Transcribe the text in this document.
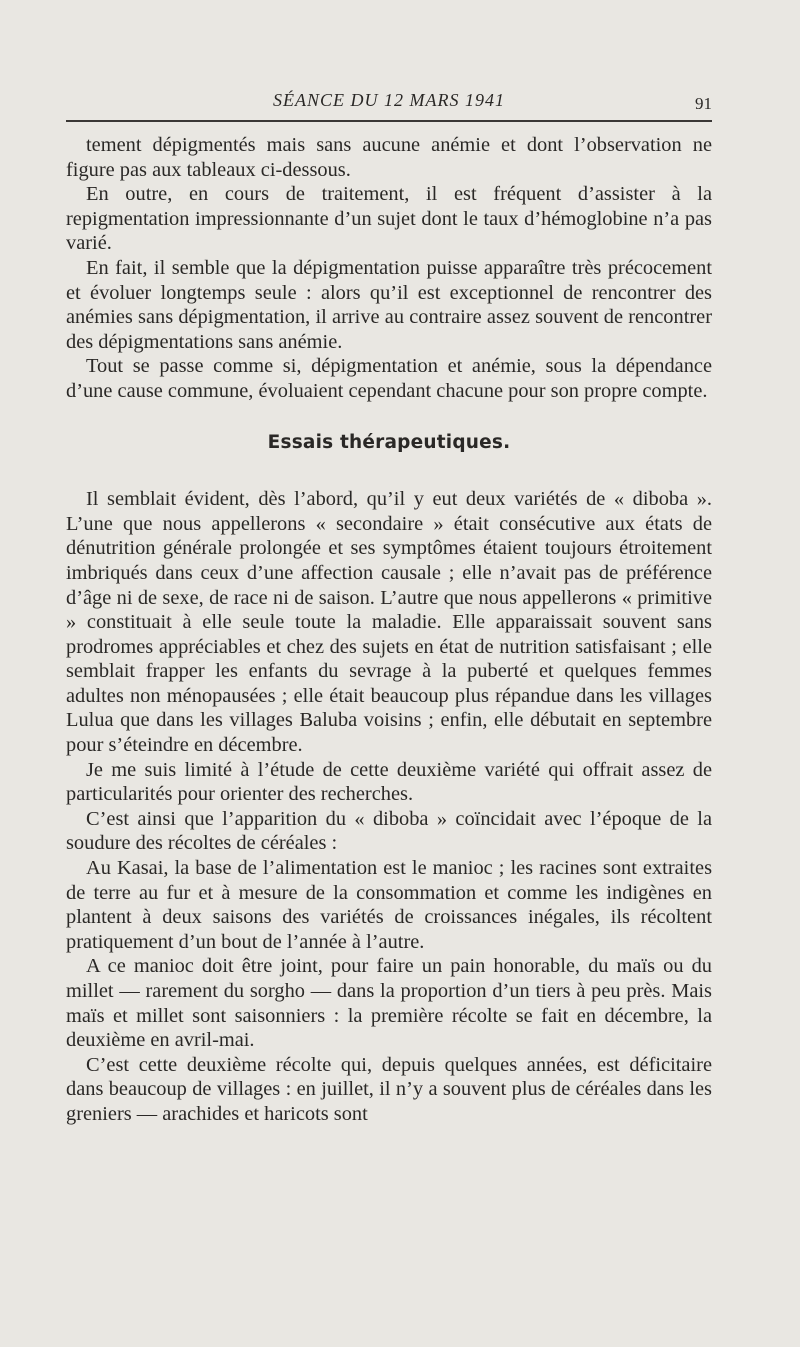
SÉANCE DU 12 MARS 1941	91

tement dépigmentés mais sans aucune anémie et dont l’observation ne figure pas aux tableaux ci-dessous.

En outre, en cours de traitement, il est fréquent d’assister à la repigmentation impressionnante d’un sujet dont le taux d’hémoglobine n’a pas varié.

En fait, il semble que la dépigmentation puisse apparaître très précocement et évoluer longtemps seule : alors qu’il est exceptionnel de rencontrer des anémies sans dépigmentation, il arrive au contraire assez souvent de rencontrer des dépigmentations sans anémie.

Tout se passe comme si, dépigmentation et anémie, sous la dépendance d’une cause commune, évoluaient cependant chacune pour son propre compte.

Essais thérapeutiques.

Il semblait évident, dès l’abord, qu’il y eut deux variétés de « diboba ». L’une que nous appellerons « secondaire » était consécutive aux états de dénutrition générale prolongée et ses symptômes étaient toujours étroitement imbriqués dans ceux d’une affection causale ; elle n’avait pas de préférence d’âge ni de sexe, de race ni de saison. L’autre que nous appellerons « primitive » constituait à elle seule toute la maladie. Elle apparaissait souvent sans prodromes appréciables et chez des sujets en état de nutrition satisfaisant ; elle semblait frapper les enfants du sevrage à la puberté et quelques femmes adultes non ménopausées ; elle était beaucoup plus répandue dans les villages Lulua que dans les villages Baluba voisins ; enfin, elle débutait en septembre pour s’éteindre en décembre.

Je me suis limité à l’étude de cette deuxième variété qui offrait assez de particularités pour orienter des recherches.

C’est ainsi que l’apparition du « diboba » coïncidait avec l’époque de la soudure des récoltes de céréales :

Au Kasai, la base de l’alimentation est le manioc ; les racines sont extraites de terre au fur et à mesure de la consommation et comme les indigènes en plantent à deux saisons des variétés de croissances inégales, ils récoltent pratiquement d’un bout de l’année à l’autre.

A ce manioc doit être joint, pour faire un pain honorable, du maïs ou du millet — rarement du sorgho — dans la proportion d’un tiers à peu près. Mais maïs et millet sont saisonniers : la première récolte se fait en décembre, la deuxième en avril-mai.

C’est cette deuxième récolte qui, depuis quelques années, est déficitaire dans beaucoup de villages : en juillet, il n’y a souvent plus de céréales dans les greniers — arachides et haricots sont
